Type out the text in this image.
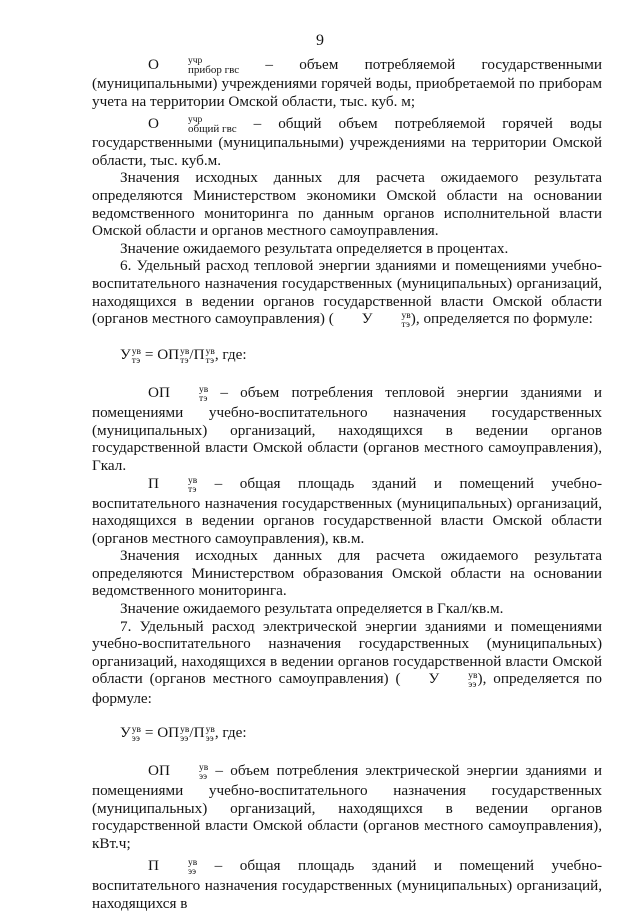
9

О	учр
прибор гвс – объем потребляемой государственными (муниципальными) учреждениями горячей воды, приобретаемой по приборам учета на территории Омской области, тыс. куб. м;

О	учр
общий гвс – общий объем потребляемой горячей воды государственными (муниципальными) учреждениями на территории Омской области, тыс. куб.м.

Значения исходных данных для расчета ожидаемого результата определяются Министерством экономики Омской области на основании ведомственного мониторинга по данным органов исполнительной власти Омской области и органов местного самоуправления.

Значение ожидаемого результата определяется в процентах.

6. Удельный расход тепловой энергии зданиями и помещениями учебно-воспитательного назначения государственных (муниципальных) организаций, находящихся в ведении органов государственной власти Омской области (органов местного самоуправления) ( У	ув
тэ ), определяется по формуле:

У ув
тэ = ОП ув
тэ /П ув
тэ , где:

ОП	ув
тэ – объем потребления тепловой энергии зданиями и помещениями учебно-воспитательного назначения государственных (муниципальных) организаций, находящихся в ведении органов государственной власти Омской области (органов местного самоуправления), Гкал.

П	ув
тэ – общая площадь зданий и помещений учебно-воспитательного назначения государственных (муниципальных) организаций, находящихся в ведении органов государственной власти Омской области (органов местного самоуправления), кв.м.

Значения исходных данных для расчета ожидаемого результата определяются Министерством образования Омской области на основании ведомственного мониторинга.

Значение ожидаемого результата определяется в Гкал/кв.м.

7. Удельный расход электрической энергии зданиями и помещениями учебно-воспитательного назначения государственных (муниципальных) организаций, находящихся в ведении органов государственной власти Омской области (органов местного самоуправления) ( У	ув
ээ ), определяется по формуле:

У ув
ээ = ОП ув
ээ /П ув
ээ , где:

ОП	ув
ээ – объем потребления электрической энергии зданиями и помещениями учебно-воспитательного назначения государственных (муниципальных) организаций, находящихся в ведении органов государственной власти Омской области (органов местного самоуправления), кВт.ч;

П	ув
ээ – общая площадь зданий и помещений учебно-воспитательного назначения государственных (муниципальных) организаций, находящихся в
